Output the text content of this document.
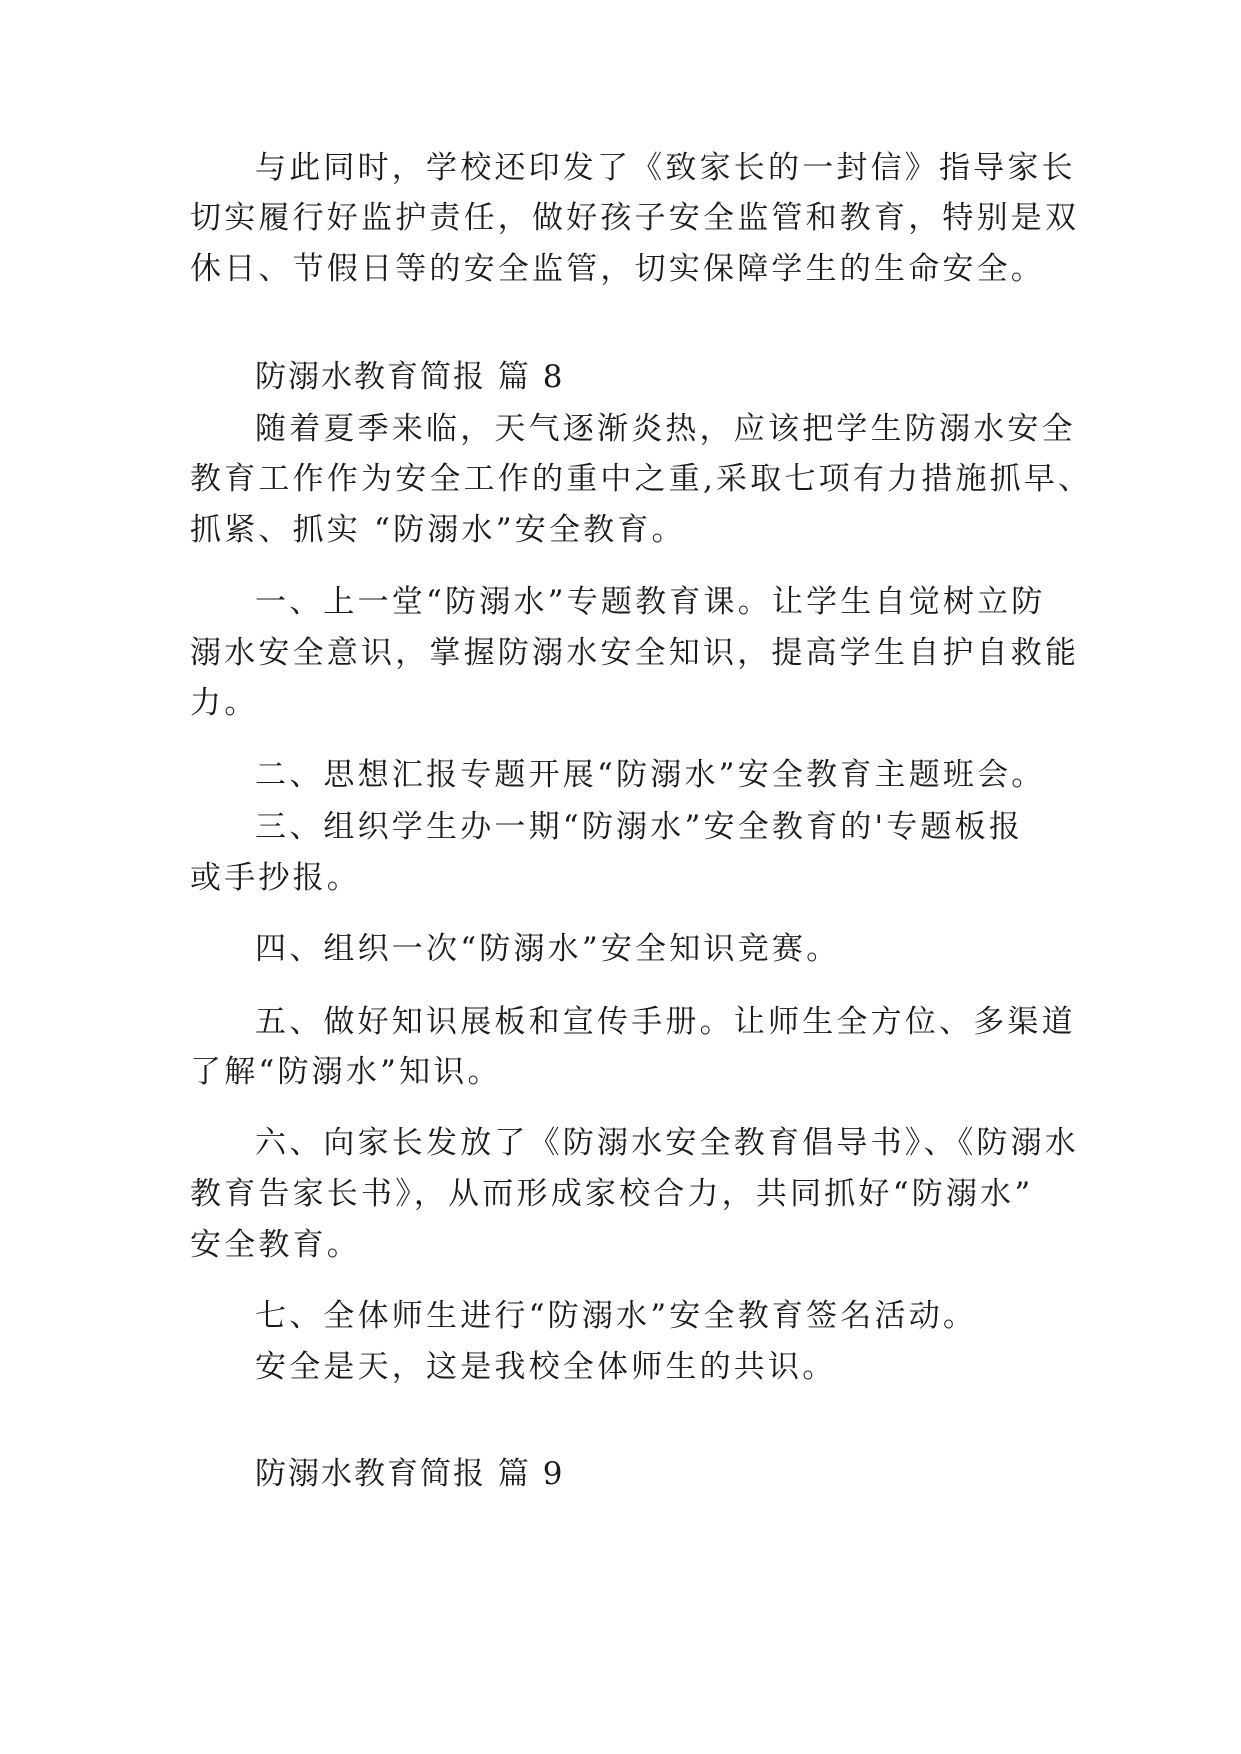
与此同时，学校还印发了《致家长的一封信》指导家长
切实履行好监护责任，做好孩子安全监管和教育，特别是双
休日、节假日等的安全监管，切实保障学生的生命安全。
防溺水教育简报 篇 8
随着夏季来临，天气逐渐炎热，应该把学生防溺水安全
教育工作作为安全工作的重中之重,采取七项有力措施抓早、
抓紧、抓实 “防溺水”安全教育。
一、上一堂“防溺水”专题教育课。让学生自觉树立防
溺水安全意识，掌握防溺水安全知识，提高学生自护自救能
力。
二、思想汇报专题开展“防溺水”安全教育主题班会。
三、组织学生办一期“防溺水”安全教育的'专题板报
或手抄报。
四、组织一次“防溺水”安全知识竞赛。
五、做好知识展板和宣传手册。让师生全方位、多渠道
了解“防溺水”知识。
六、向家长发放了《防溺水安全教育倡导书》、《防溺水
教育告家长书》，从而形成家校合力，共同抓好“防溺水”
安全教育。
七、全体师生进行“防溺水”安全教育签名活动。
安全是天，这是我校全体师生的共识。
防溺水教育简报 篇 9
